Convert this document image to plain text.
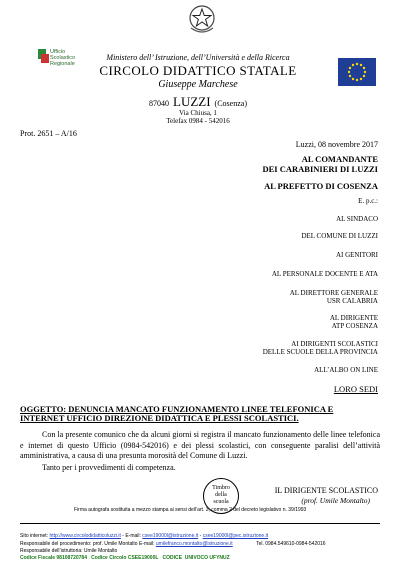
Ufficio
Scolastico
Regionale
Ministero dell’ Istruzione, dell’Università e della Ricerca
CIRCOLO DIDATTICO STATALE
Giuseppe Marchese
87040 LUZZI (Cosenza)
Via Chiusa, 1
Telefax 0984 - 542016
Prot. 2651 – A/16
Luzzi, 08 novembre 2017
AL COMANDANTE
DEI CARABINIERI DI LUZZI
AL PREFETTO DI COSENZA
E. p.c.:
AL SINDACO
DEL COMUNE DI LUZZI
AI GENITORI
AL PERSONALE DOCENTE E ATA
AL DIRETTORE GENERALE
USR CALABRIA
AL DIRIGENTE
ATP COSENZA
AI DIRIGENTI SCOLASTICI
DELLE SCUOLE DELLA PROVINCIA
ALL’ALBO ON LINE
LORO SEDI
OGGETTO: DENUNCIA MANCATO FUNZIONAMENTO LINEE TELEFONICA E
INTERNET UFFICIO DIREZIONE DIDATTICA E PLESSI SCOLASTICI.
Con la presente comunico che da alcuni giorni si registra il mancato funzionamento delle linee telefonica e internet di questo Ufficio (0984-542016) e dei plessi scolastici, con conseguente paralisi dell’attività amministrativa, a causa di una presunta morosità del Comune di Luzzi.
Tanto per i provvedimenti di competenza.
Timbro
della
scuola
IL DIRIGENTE SCOLASTICO
(prof. Umile Montalto)
Firma autografa sostituita a mezzo stampa ai sensi dell’art. 3, comma 2 del decreto legislativo n. 39/1993
Sito internet: http://www.circolodidatticoluzzi.it - E-mail: csee19000l@istruzione.it - csee19000l@pec.istruzione.it
Responsabile del procedimento: prof. Umile Montalto E-mail: umilefranco.montalto@istruzione.it	Tel. 0984.549610-0984-542016
Responsabile dell’istruttoria: Umile Montalto
Codice Fiscale 98108720784   Codice Circolo CSEE19000L   CODICE  UNIVOCO UFYNUZ
